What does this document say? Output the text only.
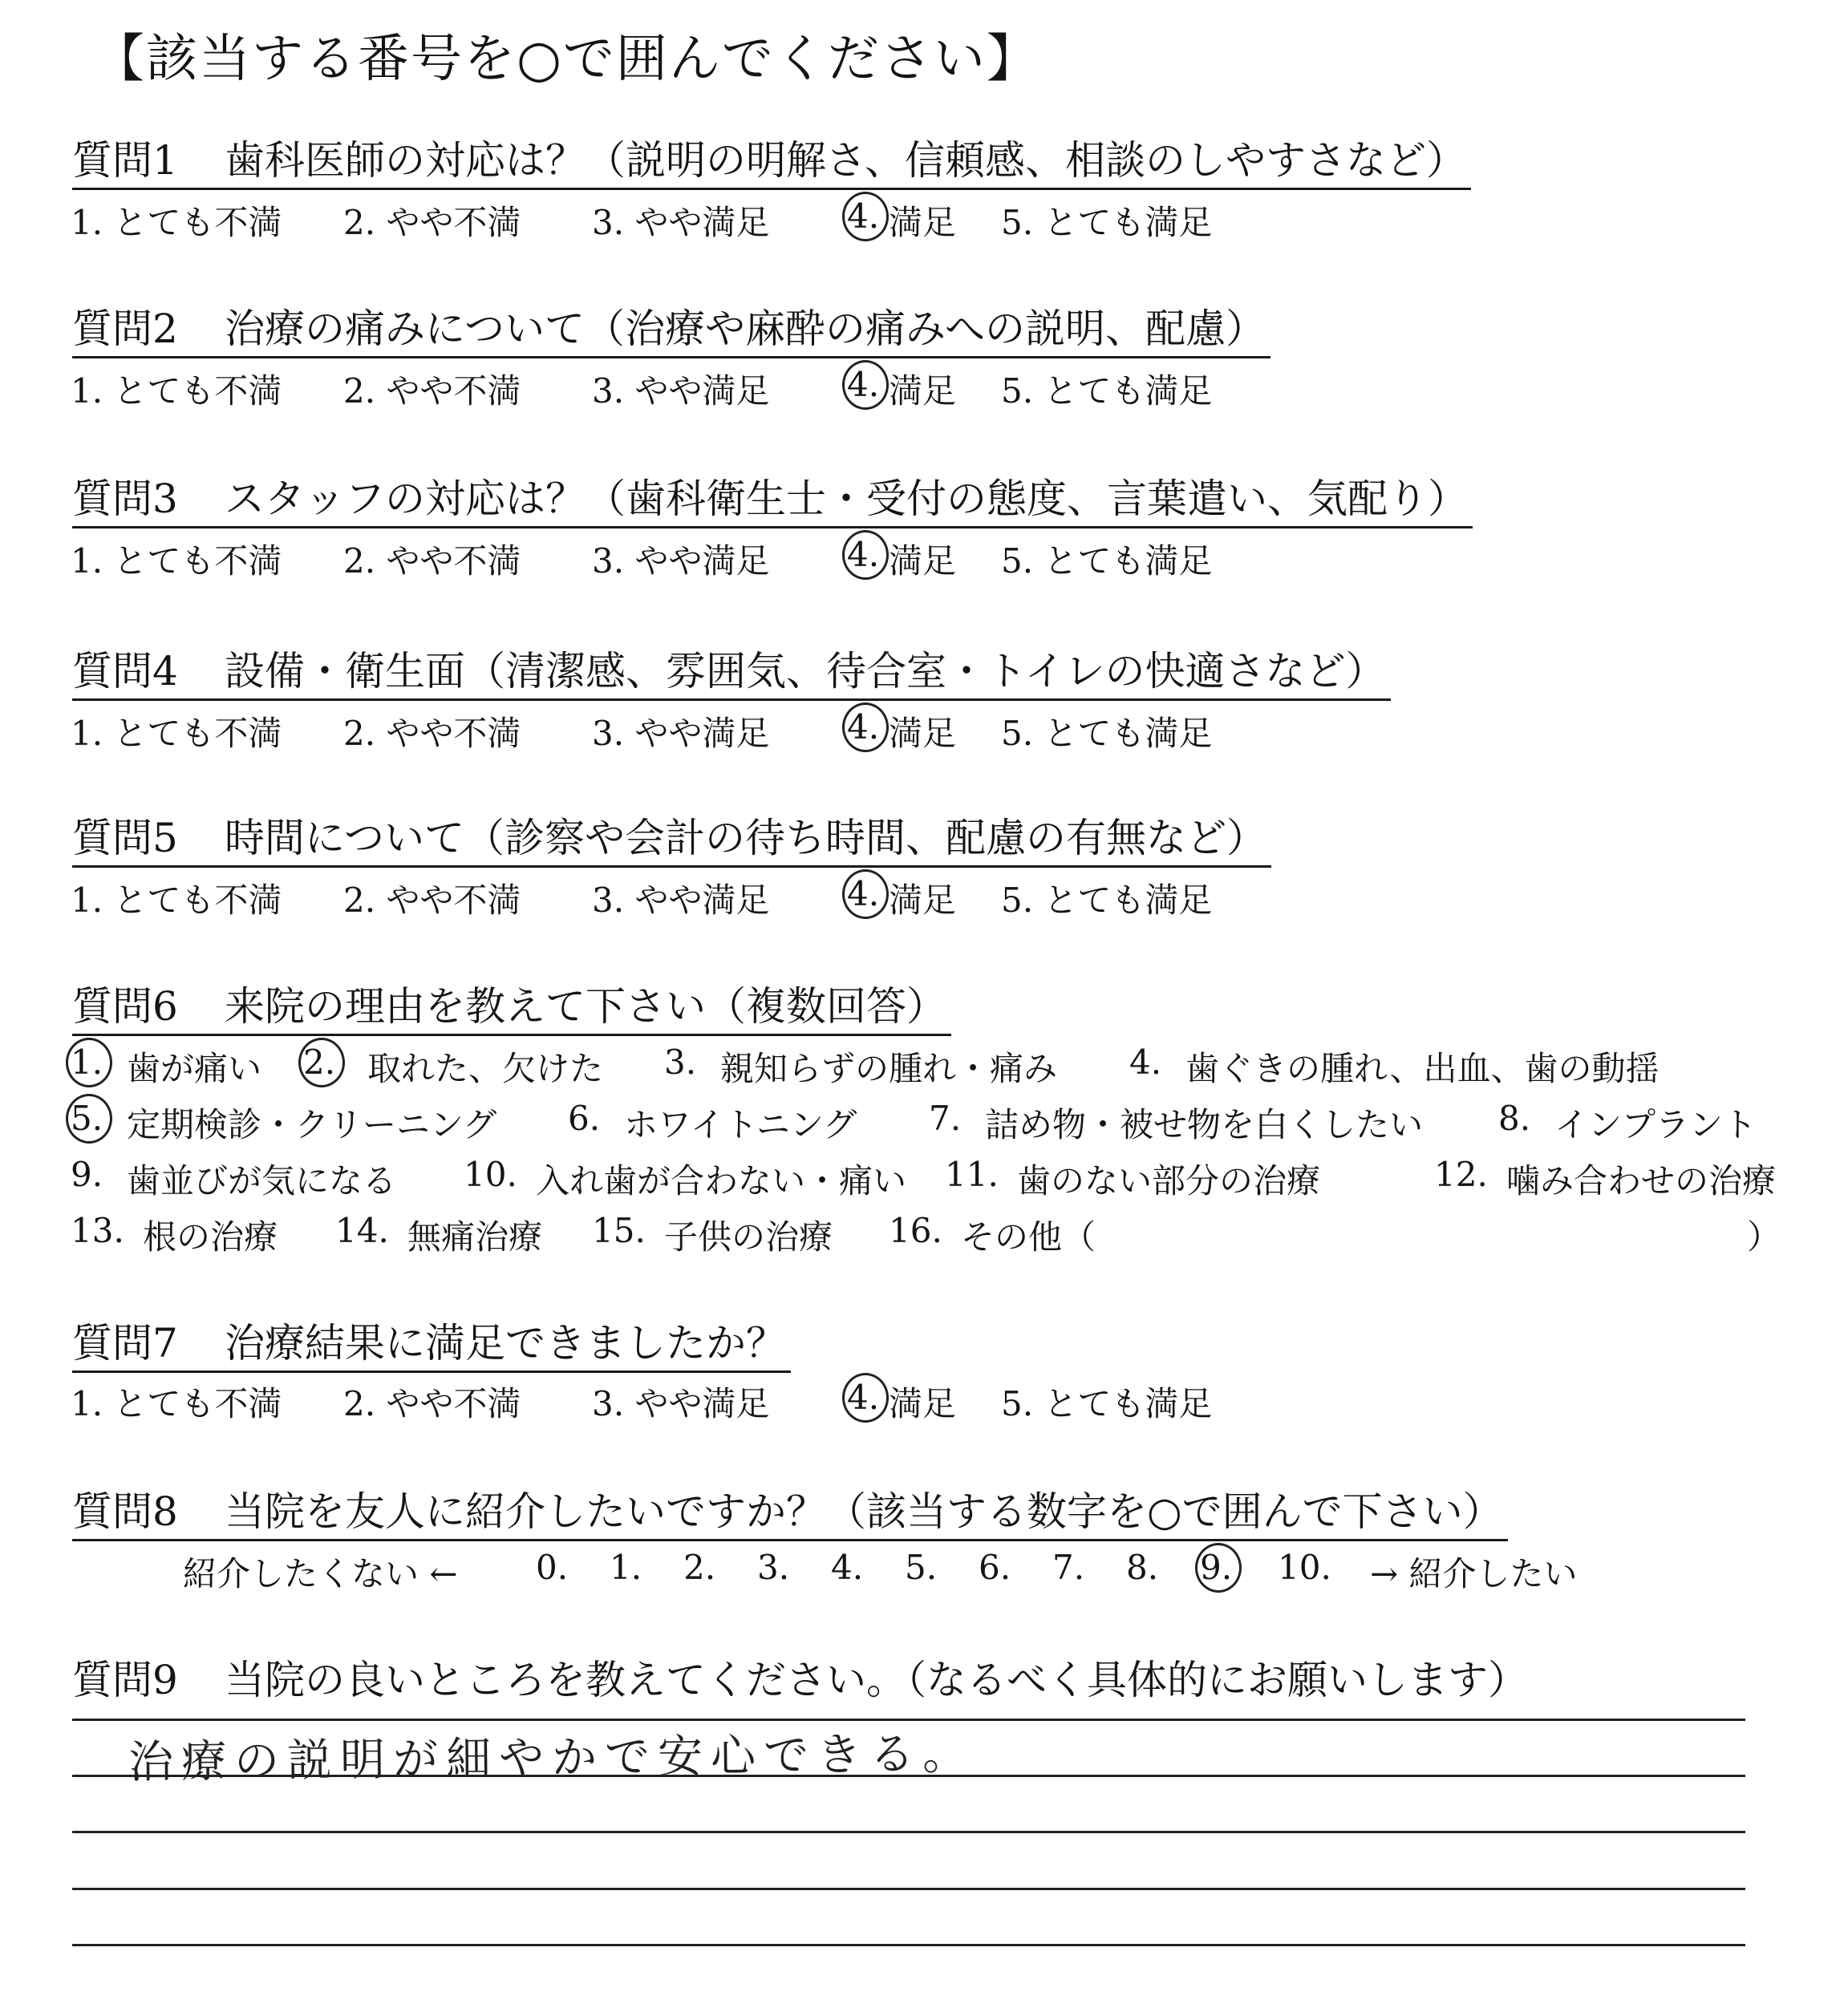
【該当する番号を○で囲んでください】
質問1 歯科医師の対応は？（説明の明解さ、信頼感、相談のしやすさなど）
1. とても不満 2. やや不満 3. やや満足 4. 満足 5. とても満足
質問2 治療の痛みについて（治療や麻酔の痛みへの説明、配慮）
1. とても不満 2. やや不満 3. やや満足 4. 満足 5. とても満足
質問3 スタッフの対応は？（歯科衛生士・受付の態度、言葉遣い、気配り）
1. とても不満 2. やや不満 3. やや満足 4. 満足 5. とても満足
質問4 設備・衛生面（清潔感、雰囲気、待合室・トイレの快適さなど）
1. とても不満 2. やや不満 3. やや満足 4. 満足 5. とても満足
質問5 時間について（診察や会計の待ち時間、配慮の有無など）
1. とても不満 2. やや不満 3. やや満足 4. 満足 5. とても満足
質問6 来院の理由を教えて下さい（複数回答）
1. 歯が痛い 2. 取れた、欠けた 3. 親知らずの腫れ・痛み 4. 歯ぐきの腫れ、出血、歯の動揺
5. 定期検診・クリーニング 6. ホワイトニング 7. 詰め物・被せ物を白くしたい 8. インプラント
9. 歯並びが気になる 10. 入れ歯が合わない・痛い 11. 歯のない部分の治療	12. 噛み合わせの治療
13. 根の治療 14. 無痛治療 15. 子供の治療 16. その他（	）
質問7 治療結果に満足できましたか？
1. とても不満 2. やや不満 3. やや満足 4. 満足 5. とても満足
質問8 当院を友人に紹介したいですか？（該当する数字を○で囲んで下さい）
紹介したくない ← 0. 1. 2. 3. 4. 5. 6. 7. 8. 9. 10. → 紹介したい
質問9 当院の良いところを教えてください。（なるべく具体的にお願いします）
治療の説明が細やかで安心できる。
